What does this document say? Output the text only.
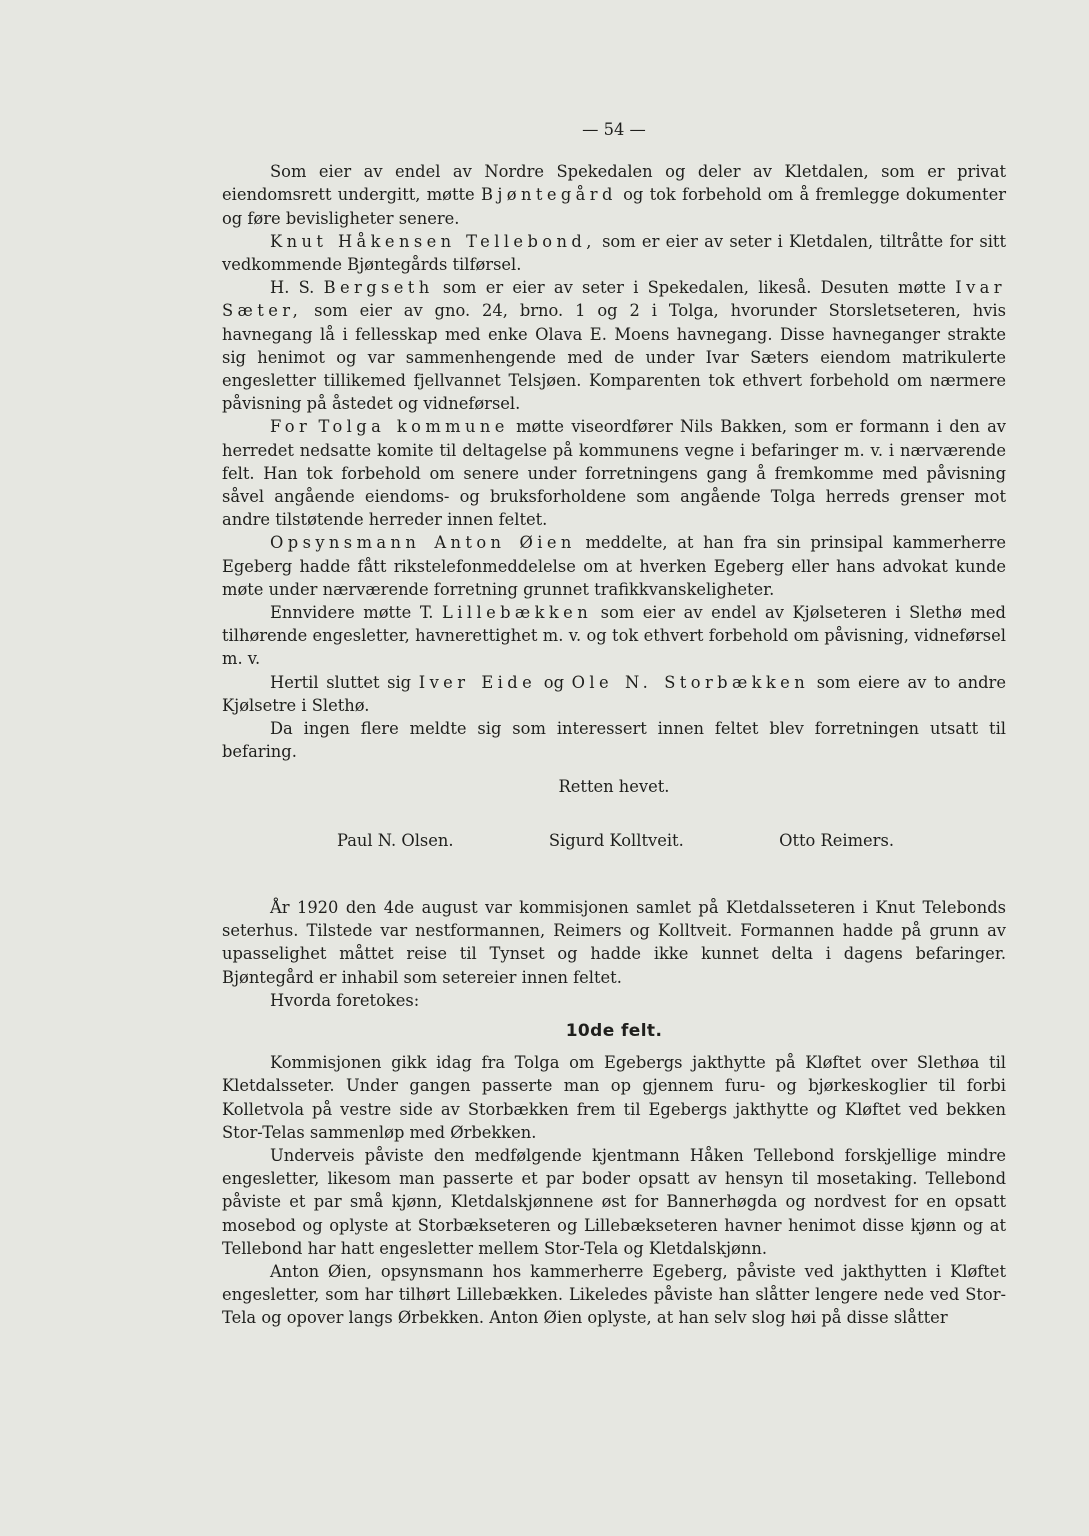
— 54 —

Som eier av endel av Nordre Spekedalen og deler av Kletdalen, som er privat eiendomsrett undergitt, møtte Bjøntegård og tok forbehold om å fremlegge dokumenter og føre bevisligheter senere.

Knut Håkensen Tellebond, som er eier av seter i Kletdalen, tiltråtte for sitt vedkommende Bjøntegårds tilførsel.

H. S. Bergseth som er eier av seter i Spekedalen, likeså. Desuten møtte Ivar Sæter, som eier av gno. 24, brno. 1 og 2 i Tolga, hvorunder Storsletseteren, hvis havnegang lå i fellesskap med enke Olava E. Moens havnegang. Disse havneganger strakte sig henimot og var sammenhengende med de under Ivar Sæters eiendom matrikulerte engesletter tillikemed fjellvannet Telsjøen. Komparenten tok ethvert forbehold om nærmere påvisning på åstedet og vidneførsel.

For Tolga kommune møtte viseordfører Nils Bakken, som er formann i den av herredet nedsatte komite til deltagelse på kommunens vegne i befaringer m. v. i nærværende felt. Han tok forbehold om senere under forretningens gang å fremkomme med påvisning såvel angående eiendoms- og bruksforholdene som angående Tolga herreds grenser mot andre tilstøtende herreder innen feltet.

Opsynsmann Anton Øien meddelte, at han fra sin prinsipal kammerherre Egeberg hadde fått rikstelefonmeddelelse om at hverken Egeberg eller hans advokat kunde møte under nærværende forretning grunnet trafikkvanskeligheter.

Ennvidere møtte T. Lillebækken som eier av endel av Kjølseteren i Slethø med tilhørende engesletter, havnerettighet m. v. og tok ethvert forbehold om påvisning, vidneførsel m. v.

Hertil sluttet sig Iver Eide og Ole N. Storbækken som eiere av to andre Kjølsetre i Slethø.

Da ingen flere meldte sig som interessert innen feltet blev forretningen utsatt til befaring.

Retten hevet.

Paul N. Olsen.	Sigurd Kolltveit.	Otto Reimers.

År 1920 den 4de august var kommisjonen samlet på Kletdalsseteren i Knut Telebonds seterhus. Tilstede var nestformannen, Reimers og Kolltveit. Formannen hadde på grunn av upasselighet måttet reise til Tynset og hadde ikke kunnet delta i dagens befaringer. Bjøntegård er inhabil som setereier innen feltet.

Hvorda foretokes:

10de felt.

Kommisjonen gikk idag fra Tolga om Egebergs jakthytte på Kløftet over Slethøa til Kletdalsseter. Under gangen passerte man op gjennem furu- og bjørkeskoglier til forbi Kolletvola på vestre side av Storbækken frem til Egebergs jakthytte og Kløftet ved bekken Stor-Telas sammenløp med Ørbekken.

Underveis påviste den medfølgende kjentmann Håken Tellebond forskjellige mindre engesletter, likesom man passerte et par boder opsatt av hensyn til mosetaking. Tellebond påviste et par små kjønn, Kletdalskjønnene øst for Bannerhøgda og nordvest for en opsatt mosebod og oplyste at Storbækseteren og Lillebækseteren havner henimot disse kjønn og at Tellebond har hatt engesletter mellem Stor-Tela og Kletdalskjønn.

Anton Øien, opsynsmann hos kammerherre Egeberg, påviste ved jakthytten i Kløftet engesletter, som har tilhørt Lillebækken. Likeledes påviste han slåtter lengere nede ved Stor-Tela og opover langs Ørbekken. Anton Øien oplyste, at han selv slog høi på disse slåtter
